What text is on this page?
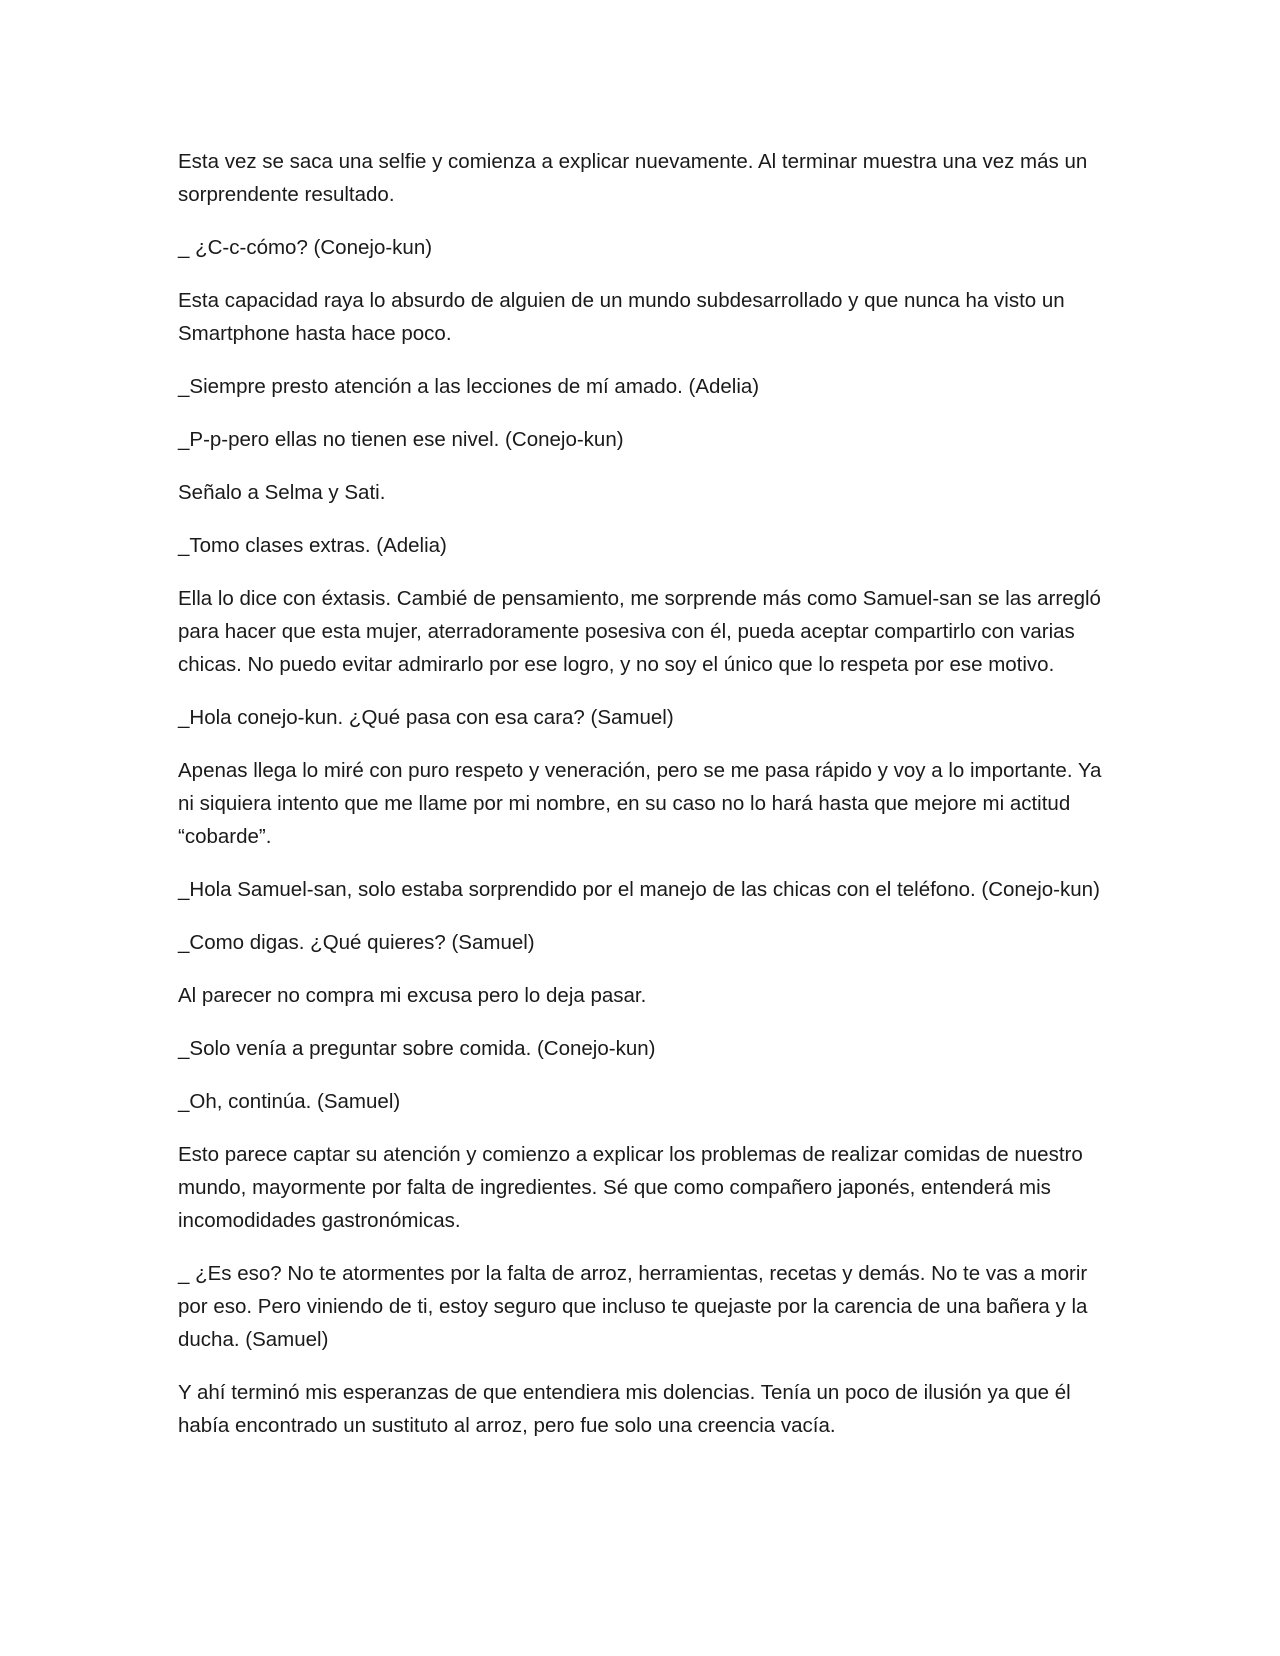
Esta vez se saca una selfie y comienza a explicar nuevamente. Al terminar muestra una vez más un sorprendente resultado.

_ ¿C-c-cómo? (Conejo-kun)

Esta capacidad raya lo absurdo de alguien de un mundo subdesarrollado y que nunca ha visto un Smartphone hasta hace poco.

_Siempre presto atención a las lecciones de mí amado. (Adelia)

_P-p-pero ellas no tienen ese nivel. (Conejo-kun)

Señalo a Selma y Sati.

_Tomo clases extras. (Adelia)

Ella lo dice con éxtasis. Cambié de pensamiento, me sorprende más como Samuel-san se las arregló para hacer que esta mujer, aterradoramente posesiva con él, pueda aceptar compartirlo con varias chicas. No puedo evitar admirarlo por ese logro, y no soy el único que lo respeta por ese motivo.

_Hola conejo-kun. ¿Qué pasa con esa cara? (Samuel)

Apenas llega lo miré con puro respeto y veneración, pero se me pasa rápido y voy a lo importante. Ya ni siquiera intento que me llame por mi nombre, en su caso no lo hará hasta que mejore mi actitud “cobarde”.

_Hola Samuel-san, solo estaba sorprendido por el manejo de las chicas con el teléfono. (Conejo-kun)

_Como digas. ¿Qué quieres? (Samuel)

Al parecer no compra mi excusa pero lo deja pasar.

_Solo venía a preguntar sobre comida. (Conejo-kun)

_Oh, continúa. (Samuel)

Esto parece captar su atención y comienzo a explicar los problemas de realizar comidas de nuestro mundo, mayormente por falta de ingredientes. Sé que como compañero japonés, entenderá mis incomodidades gastronómicas.

_ ¿Es eso? No te atormentes por la falta de arroz, herramientas, recetas y demás. No te vas a morir por eso. Pero viniendo de ti, estoy seguro que incluso te quejaste por la carencia de una bañera y la ducha. (Samuel)

Y ahí terminó mis esperanzas de que entendiera mis dolencias. Tenía un poco de ilusión ya que él había encontrado un sustituto al arroz, pero fue solo una creencia vacía.
